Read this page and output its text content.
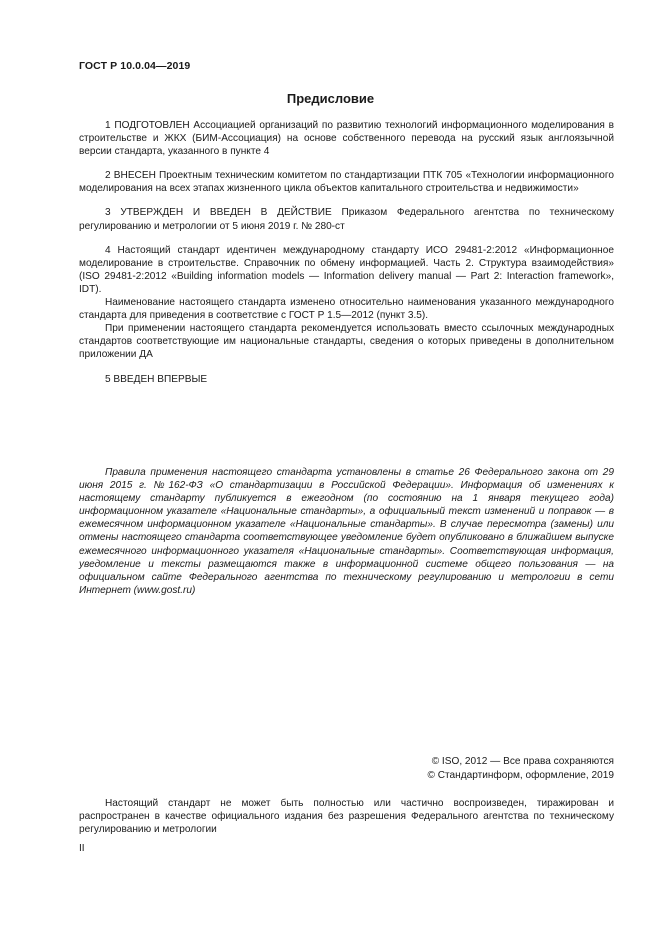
ГОСТ Р 10.0.04—2019
Предисловие

1 ПОДГОТОВЛЕН Ассоциацией организаций по развитию технологий информационного моделирования в строительстве и ЖКХ (БИМ-Ассоциация) на основе собственного перевода на русский язык англоязычной версии стандарта, указанного в пункте 4

2 ВНЕСЕН Проектным техническим комитетом по стандартизации ПТК 705 «Технологии информационного моделирования на всех этапах жизненного цикла объектов капитального строительства и недвижимости»

3 УТВЕРЖДЕН И ВВЕДЕН В ДЕЙСТВИЕ Приказом Федерального агентства по техническому регулированию и метрологии от 5 июня 2019 г. № 280-ст

4 Настоящий стандарт идентичен международному стандарту ИСО 29481-2:2012 «Информационное моделирование в строительстве. Справочник по обмену информацией. Часть 2. Структура взаимодействия» (ISO 29481-2:2012 «Building information models — Information delivery manual — Part 2: Interaction framework», IDT).

Наименование настоящего стандарта изменено относительно наименования указанного международного стандарта для приведения в соответствие с ГОСТ Р 1.5—2012 (пункт 3.5).

При применении настоящего стандарта рекомендуется использовать вместо ссылочных международных стандартов соответствующие им национальные стандарты, сведения о которых приведены в дополнительном приложении ДА

5 ВВЕДЕН ВПЕРВЫЕ

Правила применения настоящего стандарта установлены в статье 26 Федерального закона от 29 июня 2015 г. №162-ФЗ «О стандартизации в Российской Федерации». Информация об изменениях к настоящему стандарту публикуется в ежегодном (по состоянию на 1 января текущего года) информационном указателе «Национальные стандарты», а официальный текст изменений и поправок — в ежемесячном информационном указателе «Национальные стандарты». В случае пересмотра (замены) или отмены настоящего стандарта соответствующее уведомление будет опубликовано в ближайшем выпуске ежемесячного информационного указателя «Национальные стандарты». Соответствующая информация, уведомление и тексты размещаются также в информационной системе общего пользования — на официальном сайте Федерального агентства по техническому регулированию и метрологии в сети Интернет (www.gost.ru)

© ISO, 2012 — Все права сохраняются
© Стандартинформ, оформление, 2019

Настоящий стандарт не может быть полностью или частично воспроизведен, тиражирован и распространен в качестве официального издания без разрешения Федерального агентства по техническому регулированию и метрологии

II
